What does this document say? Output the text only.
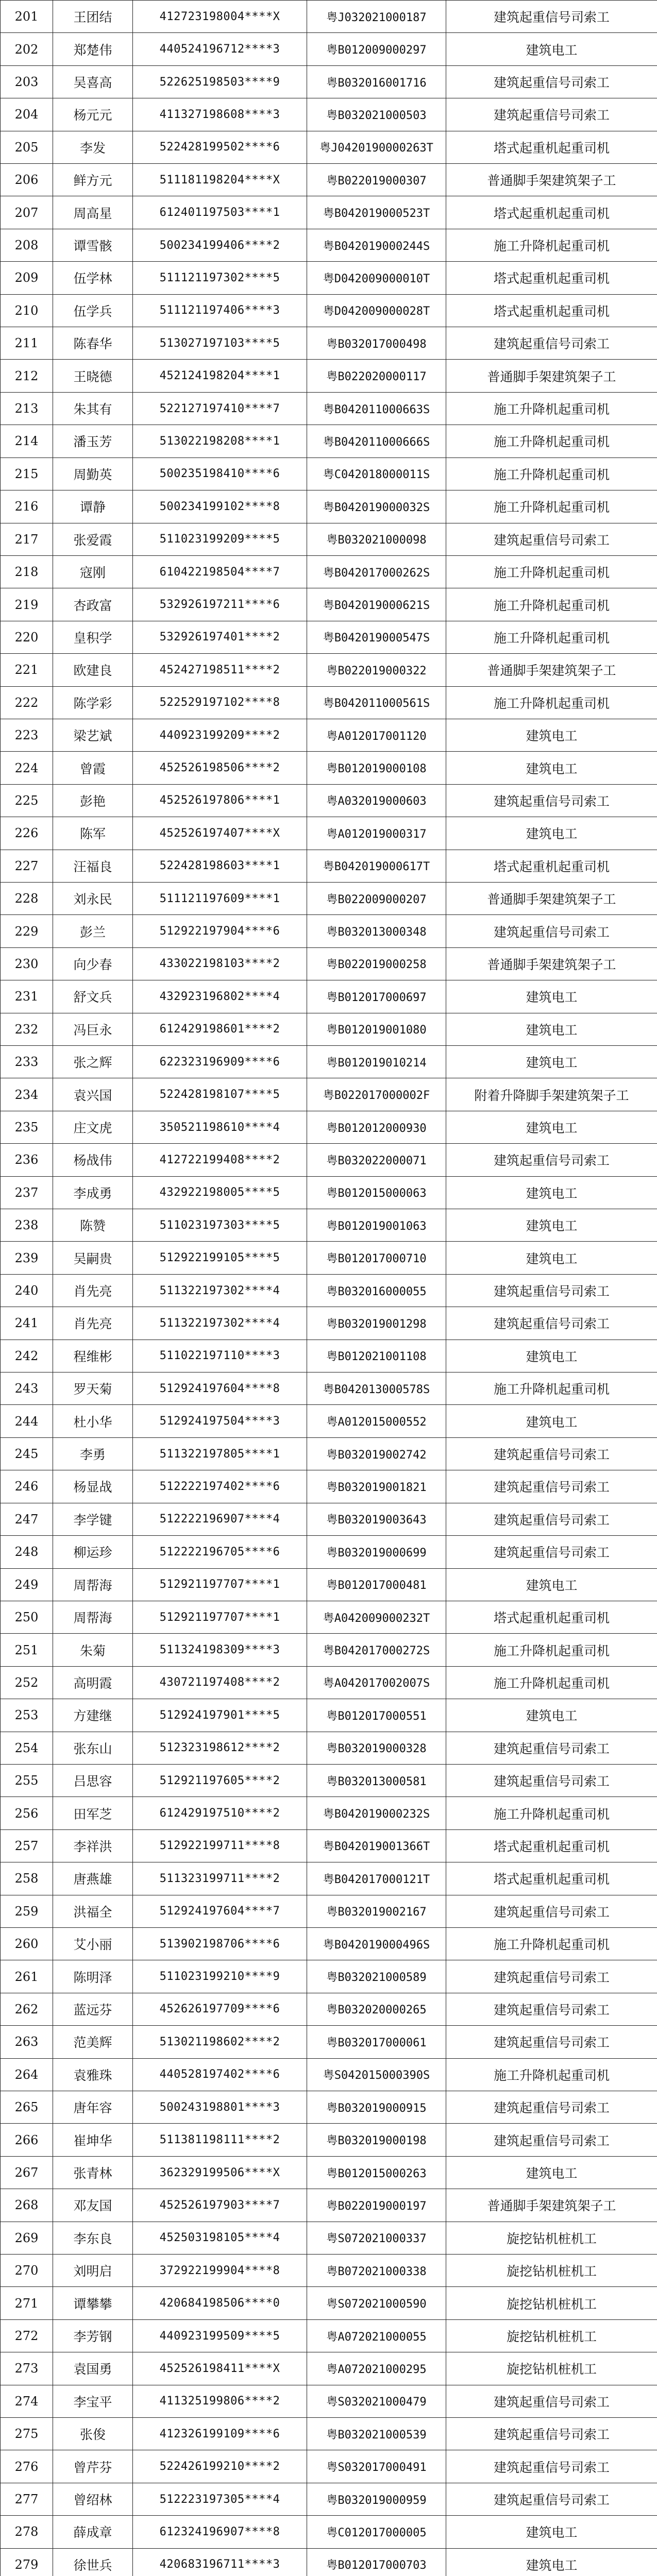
201	王团结	412723198004****X	粤J032021000187	建筑起重信号司索工
202	郑楚伟	440524196712****3	粤B012009000297	建筑电工
203	吴喜高	522625198503****9	粤B032016001716	建筑起重信号司索工
204	杨元元	411327198608****3	粤B032021000503	建筑起重信号司索工
205	李发	522428199502****6	粤J0420190000263T	塔式起重机起重司机
206	鲜方元	511181198204****X	粤B022019000307	普通脚手架建筑架子工
207	周高星	612401197503****1	粤B042019000523T	塔式起重机起重司机
208	谭雪骸	500234199406****2	粤B042019000244S	施工升降机起重司机
209	伍学林	511121197302****5	粤D042009000010T	塔式起重机起重司机
210	伍学兵	511121197406****3	粤D042009000028T	塔式起重机起重司机
211	陈春华	513027197103****5	粤B032017000498	建筑起重信号司索工
212	王晓德	452124198204****1	粤B022020000117	普通脚手架建筑架子工
213	朱其有	522127197410****7	粤B042011000663S	施工升降机起重司机
214	潘玉芳	513022198208****1	粤B042011000666S	施工升降机起重司机
215	周勤英	500235198410****6	粤C042018000011S	施工升降机起重司机
216	谭静	500234199102****8	粤B042019000032S	施工升降机起重司机
217	张爱霞	511023199209****5	粤B032021000098	建筑起重信号司索工
218	寇刚	610422198504****7	粤B042017000262S	施工升降机起重司机
219	杏政富	532926197211****6	粤B042019000621S	施工升降机起重司机
220	皇积学	532926197401****2	粤B042019000547S	施工升降机起重司机
221	欧建良	452427198511****2	粤B022019000322	普通脚手架建筑架子工
222	陈学彩	522529197102****8	粤B042011000561S	施工升降机起重司机
223	梁艺斌	440923199209****2	粤A012017001120	建筑电工
224	曾霞	452526198506****2	粤B012019000108	建筑电工
225	彭艳	452526197806****1	粤A032019000603	建筑起重信号司索工
226	陈军	452526197407****X	粤A012019000317	建筑电工
227	汪福良	522428198603****1	粤B042019000617T	塔式起重机起重司机
228	刘永民	511121197609****1	粤B022009000207	普通脚手架建筑架子工
229	彭兰	512922197904****6	粤B032013000348	建筑起重信号司索工
230	向少春	433022198103****2	粤B022019000258	普通脚手架建筑架子工
231	舒文兵	432923196802****4	粤B012017000697	建筑电工
232	冯巨永	612429198601****2	粤B012019001080	建筑电工
233	张之辉	622323196909****6	粤B012019010214	建筑电工
234	袁兴国	522428198107****5	粤B022017000002F	附着升降脚手架建筑架子工
235	庄文虎	350521198610****4	粤B012012000930	建筑电工
236	杨战伟	412722199408****2	粤B032022000071	建筑起重信号司索工
237	李成勇	432922198005****5	粤B012015000063	建筑电工
238	陈赞	511023197303****5	粤B012019001063	建筑电工
239	吴嗣贵	512922199105****5	粤B012017000710	建筑电工
240	肖先亮	511322197302****4	粤B032016000055	建筑起重信号司索工
241	肖先亮	511322197302****4	粤B032019001298	建筑起重信号司索工
242	程维彬	511022197110****3	粤B012021001108	建筑电工
243	罗天菊	512924197604****8	粤B042013000578S	施工升降机起重司机
244	杜小华	512924197504****3	粤A012015000552	建筑电工
245	李勇	511322197805****1	粤B032019002742	建筑起重信号司索工
246	杨显战	512222197402****6	粤B032019001821	建筑起重信号司索工
247	李学键	512222196907****4	粤B032019003643	建筑起重信号司索工
248	柳运珍	512222196705****6	粤B032019000699	建筑起重信号司索工
249	周帮海	512921197707****1	粤B012017000481	建筑电工
250	周帮海	512921197707****1	粤A042009000232T	塔式起重机起重司机
251	朱菊	511324198309****3	粤B042017000272S	施工升降机起重司机
252	高明霞	430721197408****2	粤A042017002007S	施工升降机起重司机
253	方建继	512924197901****5	粤B012017000551	建筑电工
254	张东山	512323198612****2	粤B032019000328	建筑起重信号司索工
255	吕思容	512921197605****2	粤B032013000581	建筑起重信号司索工
256	田军芝	612429197510****2	粤B042019000232S	施工升降机起重司机
257	李祥洪	512922199711****8	粤B042019001366T	塔式起重机起重司机
258	唐燕雄	511323199711****2	粤B042017000121T	塔式起重机起重司机
259	洪福全	512924197604****7	粤B032019002167	建筑起重信号司索工
260	艾小丽	513902198706****6	粤B042019000496S	施工升降机起重司机
261	陈明泽	511023199210****9	粤B032021000589	建筑起重信号司索工
262	蓝远芬	452626197709****6	粤B032020000265	建筑起重信号司索工
263	范美辉	513021198602****2	粤B032017000061	建筑起重信号司索工
264	袁雅珠	440528197402****6	粤S042015000390S	施工升降机起重司机
265	唐年容	500243198801****3	粤B032019000915	建筑起重信号司索工
266	崔坤华	511381198111****2	粤B032019000198	建筑起重信号司索工
267	张青林	362329199506****X	粤B012015000263	建筑电工
268	邓友国	452526197903****7	粤B022019000197	普通脚手架建筑架子工
269	李东良	452503198105****4	粤S072021000337	旋挖钻机桩机工
270	刘明启	372922199904****8	粤B072021000338	旋挖钻机桩机工
271	谭攀攀	420684198506****0	粤S072021000590	旋挖钻机桩机工
272	李芳钢	440923199509****5	粤A072021000055	旋挖钻机桩机工
273	袁国勇	452526198411****X	粤A072021000295	旋挖钻机桩机工
274	李宝平	411325199806****2	粤S032021000479	建筑起重信号司索工
275	张俊	412326199109****6	粤B032021000539	建筑起重信号司索工
276	曾芹芬	522426199210****2	粤S032017000491	建筑起重信号司索工
277	曾绍林	512223197305****4	粤B032019000959	建筑起重信号司索工
278	薛成章	612324196907****8	粤C012017000005	建筑电工
279	徐世兵	420683196711****3	粤B012017000703	建筑电工
